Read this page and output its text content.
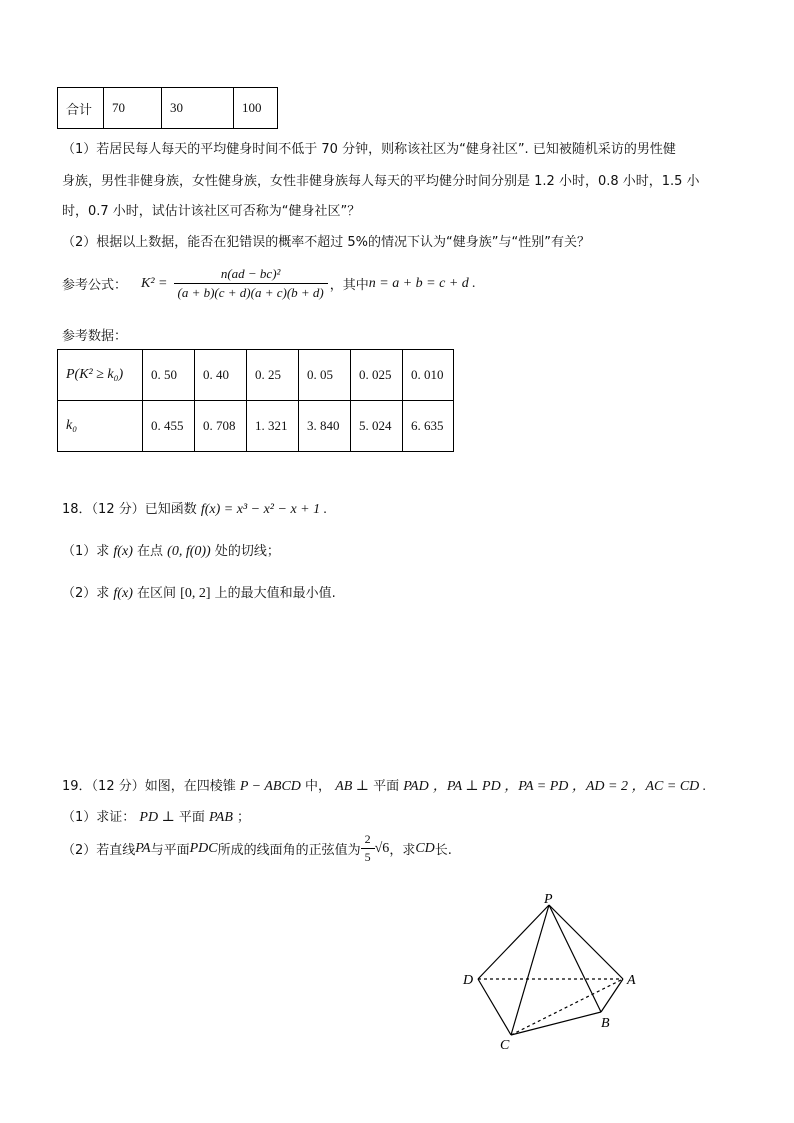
合计	70	30	100
（1）若居民每人每天的平均健身时间不低于 70 分钟，则称该社区为“健身社区”. 已知被随机采访的男性健
身族，男性非健身族，女性健身族，女性非健身族每人每天的平均健分时间分别是 1.2 小时，0.8 小时，1.5 小
时，0.7 小时，试估计该社区可否称为“健身社区”？
（2）根据以上数据，能否在犯错误的概率不超过 5%的情况下认为“健身族”与“性别”有关？
参考公式： $K^2 = \frac{\text{n(ad − bc)²}}{(a + b)(c + d)(a + c)(b + d)}$ ，其中 n = a + b = c + d .
参考数据：
P(K² ≥ k₀)	0. 50	0. 40	0. 25	0. 05	0. 025	0. 010
k₀	0. 455	0. 708	1. 321	3. 840	5. 024	6. 635
18．（12 分）已知函数 f(x) = x³ − x² − x + 1 .
（1）求 f(x) 在点 (0, f(0)) 处的切线；
（2）求 f(x) 在区间 [0, 2] 上的最大值和最小值.
19．（12 分）如图，在四棱锥 P − ABCD 中， AB ⊥ 平面 PAD ，PA ⊥ PD ，PA = PD ，AD = 2 ，AC = CD .
（1）求证： PD ⊥ 平面 PAB ；
（2）若直线 PA 与平面 PDC 所成的线面角的正弦值为 $\frac{2}{5} √6$ ，求 CD 长.
P
D	A
B
C
